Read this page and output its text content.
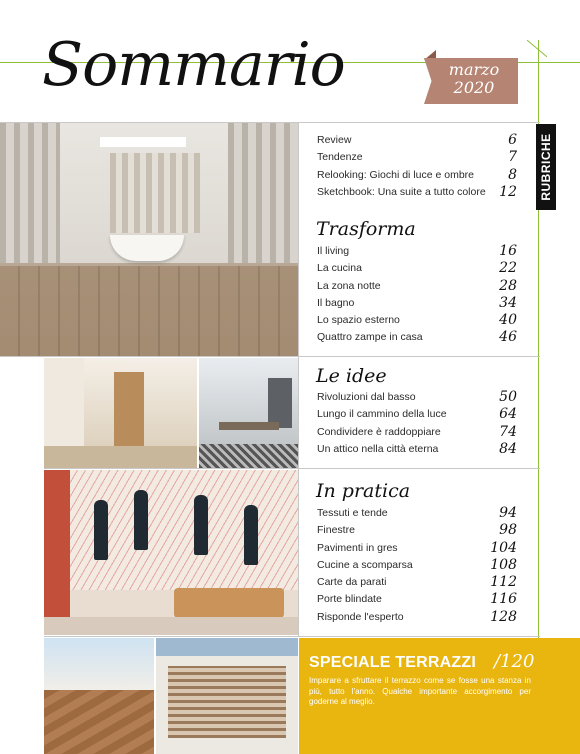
Sommario	marzo
2020
RUBRICHE
Review	6
Tendenze	7
Relooking: Giochi di luce e ombre 8
Sketchbook: Una suite a tutto colore 12
Trasforma
Il living	16
La cucina	22
La zona notte	28
Il bagno	34
Lo spazio esterno	40
Quattro zampe in casa	46
Le idee
Rivoluzioni dal basso	50
Lungo il cammino della luce	64
Condividere è raddoppiare	74
Un attico nella città eterna	84
In pratica
Tessuti e tende	94
Finestre	98
Pavimenti in gres	104
Cucine a scomparsa	108
Carte da parati	112
Porte blindate	116
Risponde l'esperto	128
SPECIALE TERRAZZI /120
Imparare a sfruttare il terrazzo come se fosse una stanza in più, tutto l'anno. Qualche importante accorgimento per goderne al meglio.
